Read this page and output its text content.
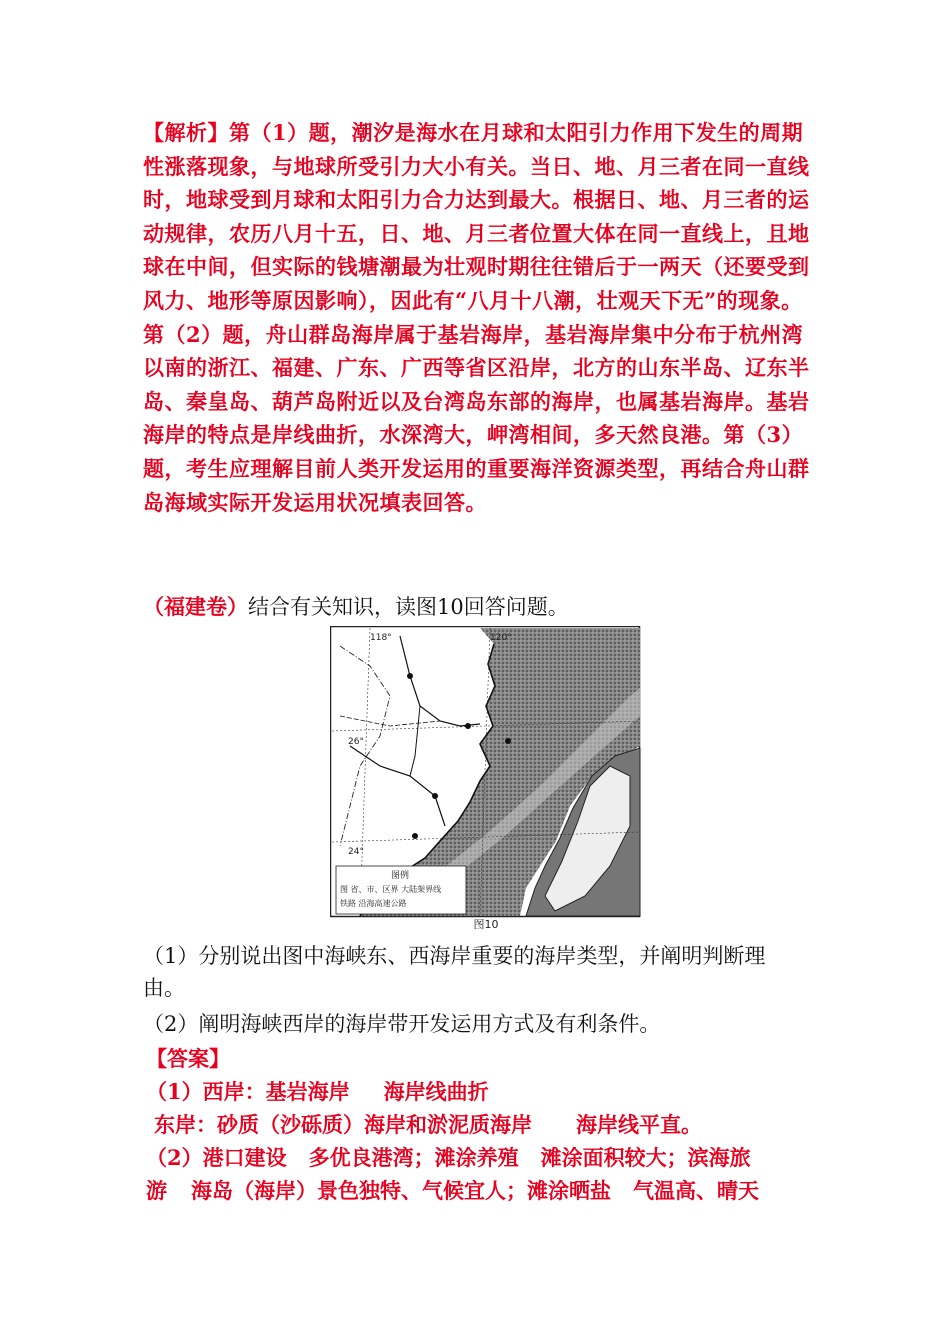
【解析】第（1）题，潮汐是海水在月球和太阳引力作用下发生的周期性涨落现象，与地球所受引力大小有关。当日、地、月三者在同一直线时，地球受到月球和太阳引力合力达到最大。根据日、地、月三者的运动规律，农历八月十五，日、地、月三者位置大体在同一直线上，且地球在中间，但实际的钱塘潮最为壮观时期往往错后于一两天（还要受到风力、地形等原因影响），因此有“八月十八潮，壮观天下无”的现象。第（2）题，舟山群岛海岸属于基岩海岸，基岩海岸集中分布于杭州湾以南的浙江、福建、广东、广西等省区沿岸，北方的山东半岛、辽东半岛、秦皇岛、葫芦岛附近以及台湾岛东部的海岸，也属基岩海岸。基岩海岸的特点是岸线曲折，水深湾大，岬湾相间，多天然良港。第（3）题，考生应理解目前人类开发运用的重要海洋资源类型，再结合舟山群岛海域实际开发运用状况填表回答。
（福建卷）结合有关知识，读图10回答问题。
118°	120°
26°
24°
图例
图 省、市、区界 大陆架界线
铁路 沿海高速公路
图10
（1）分别说出图中海峡东、西海岸重要的海岸类型，并阐明判断理
由。
（2）阐明海峡西岸的海岸带开发运用方式及有利条件。
【答案】
（1）西岸：基岩海岸 海岸线曲折
东岸：砂质（沙砾质）海岸和淤泥质海岸 海岸线平直。
（2）港口建设 多优良港湾；滩涂养殖 滩涂面积较大；滨海旅
游 海岛（海岸）景色独特、气候宜人；滩涂晒盐 气温高、晴天
